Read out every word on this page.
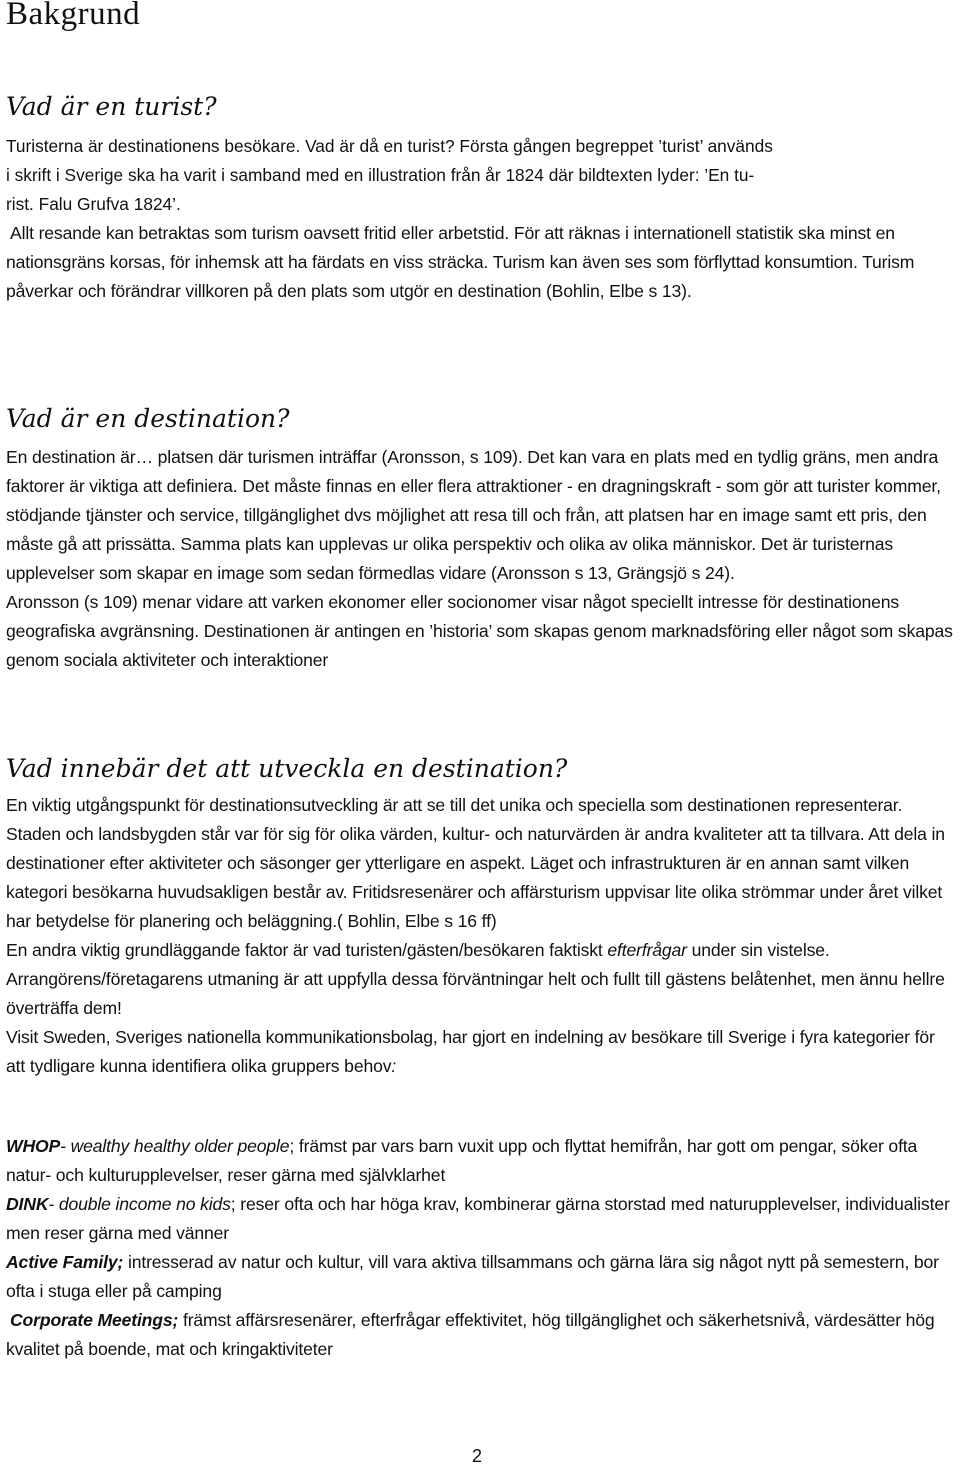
Bakgrund
Vad är en turist?
Turisterna är destinationens besökare. Vad är då en turist? Första gången begreppet ’turist’ används
i skrift i Sverige ska ha varit i samband med en illustration från år 1824 där bildtexten lyder: ’En tu-
rist. Falu Grufva 1824’.

Allt resande kan betraktas som turism oavsett fritid eller arbetstid. För att räknas i internationell statistik ska minst en nationsgräns korsas, för inhemsk att ha färdats en viss sträcka. Turism kan även ses som förflyttad konsumtion. Turism påverkar och förändrar villkoren på den plats som utgör en destination (Bohlin, Elbe s 13).

Vad är en destination?

En destination är… platsen där turismen inträffar (Aronsson, s 109). Det kan vara en plats med en tydlig gräns, men andra faktorer är viktiga att definiera. Det måste finnas en eller flera attraktioner - en dragningskraft - som gör att turister kommer, stödjande tjänster och service, tillgänglighet dvs möjlighet att resa till och från, att platsen har en image samt ett pris, den måste gå att prissätta. Samma plats kan upplevas ur olika perspektiv och olika av olika människor. Det är turisternas upplevelser som skapar en image som sedan förmedlas vidare (Aronsson s 13, Grängsjö s 24).

Aronsson (s 109) menar vidare att varken ekonomer eller socionomer visar något speciellt intresse för destinationens geografiska avgränsning. Destinationen är antingen en ’historia’ som skapas genom marknadsföring eller något som skapas genom sociala aktiviteter och interaktioner

Vad innebär det att utveckla en destination?

En viktig utgångspunkt för destinationsutveckling är att se till det unika och speciella som destinationen representerar. Staden och landsbygden står var för sig för olika värden, kultur- och naturvärden är andra kvaliteter att ta tillvara. Att dela in destinationer efter aktiviteter och säsonger ger ytterligare en aspekt. Läget och infrastrukturen är en annan samt vilken kategori besökarna huvudsakligen består av. Fritidsresenärer och affärsturism uppvisar lite olika strömmar under året vilket har betydelse för planering och beläggning.( Bohlin, Elbe s 16 ff)

En andra viktig grundläggande faktor är vad turisten/gästen/besökaren faktiskt efterfrågar under sin vistelse. Arrangörens/företagarens utmaning är att uppfylla dessa förväntningar helt och fullt till gästens belåtenhet, men ännu hellre överträffa dem!

Visit Sweden, Sveriges nationella kommunikationsbolag, har gjort en indelning av besökare till Sverige i fyra kategorier för att tydligare kunna identifiera olika gruppers behov:

WHOP- wealthy healthy older people; främst par vars barn vuxit upp och flyttat hemifrån, har gott om pengar, söker ofta natur- och kulturupplevelser, reser gärna med självklarhet

DINK- double income no kids; reser ofta och har höga krav, kombinerar gärna storstad med naturupplevelser, individualister men reser gärna med vänner

Active Family; intresserad av natur och kultur, vill vara aktiva tillsammans och gärna lära sig något nytt på semestern, bor ofta i stuga eller på camping

Corporate Meetings; främst affärsresenärer, efterfrågar effektivitet, hög tillgänglighet och säkerhetsnivå, värdesätter hög kvalitet på boende, mat och kringaktiviteter

2
